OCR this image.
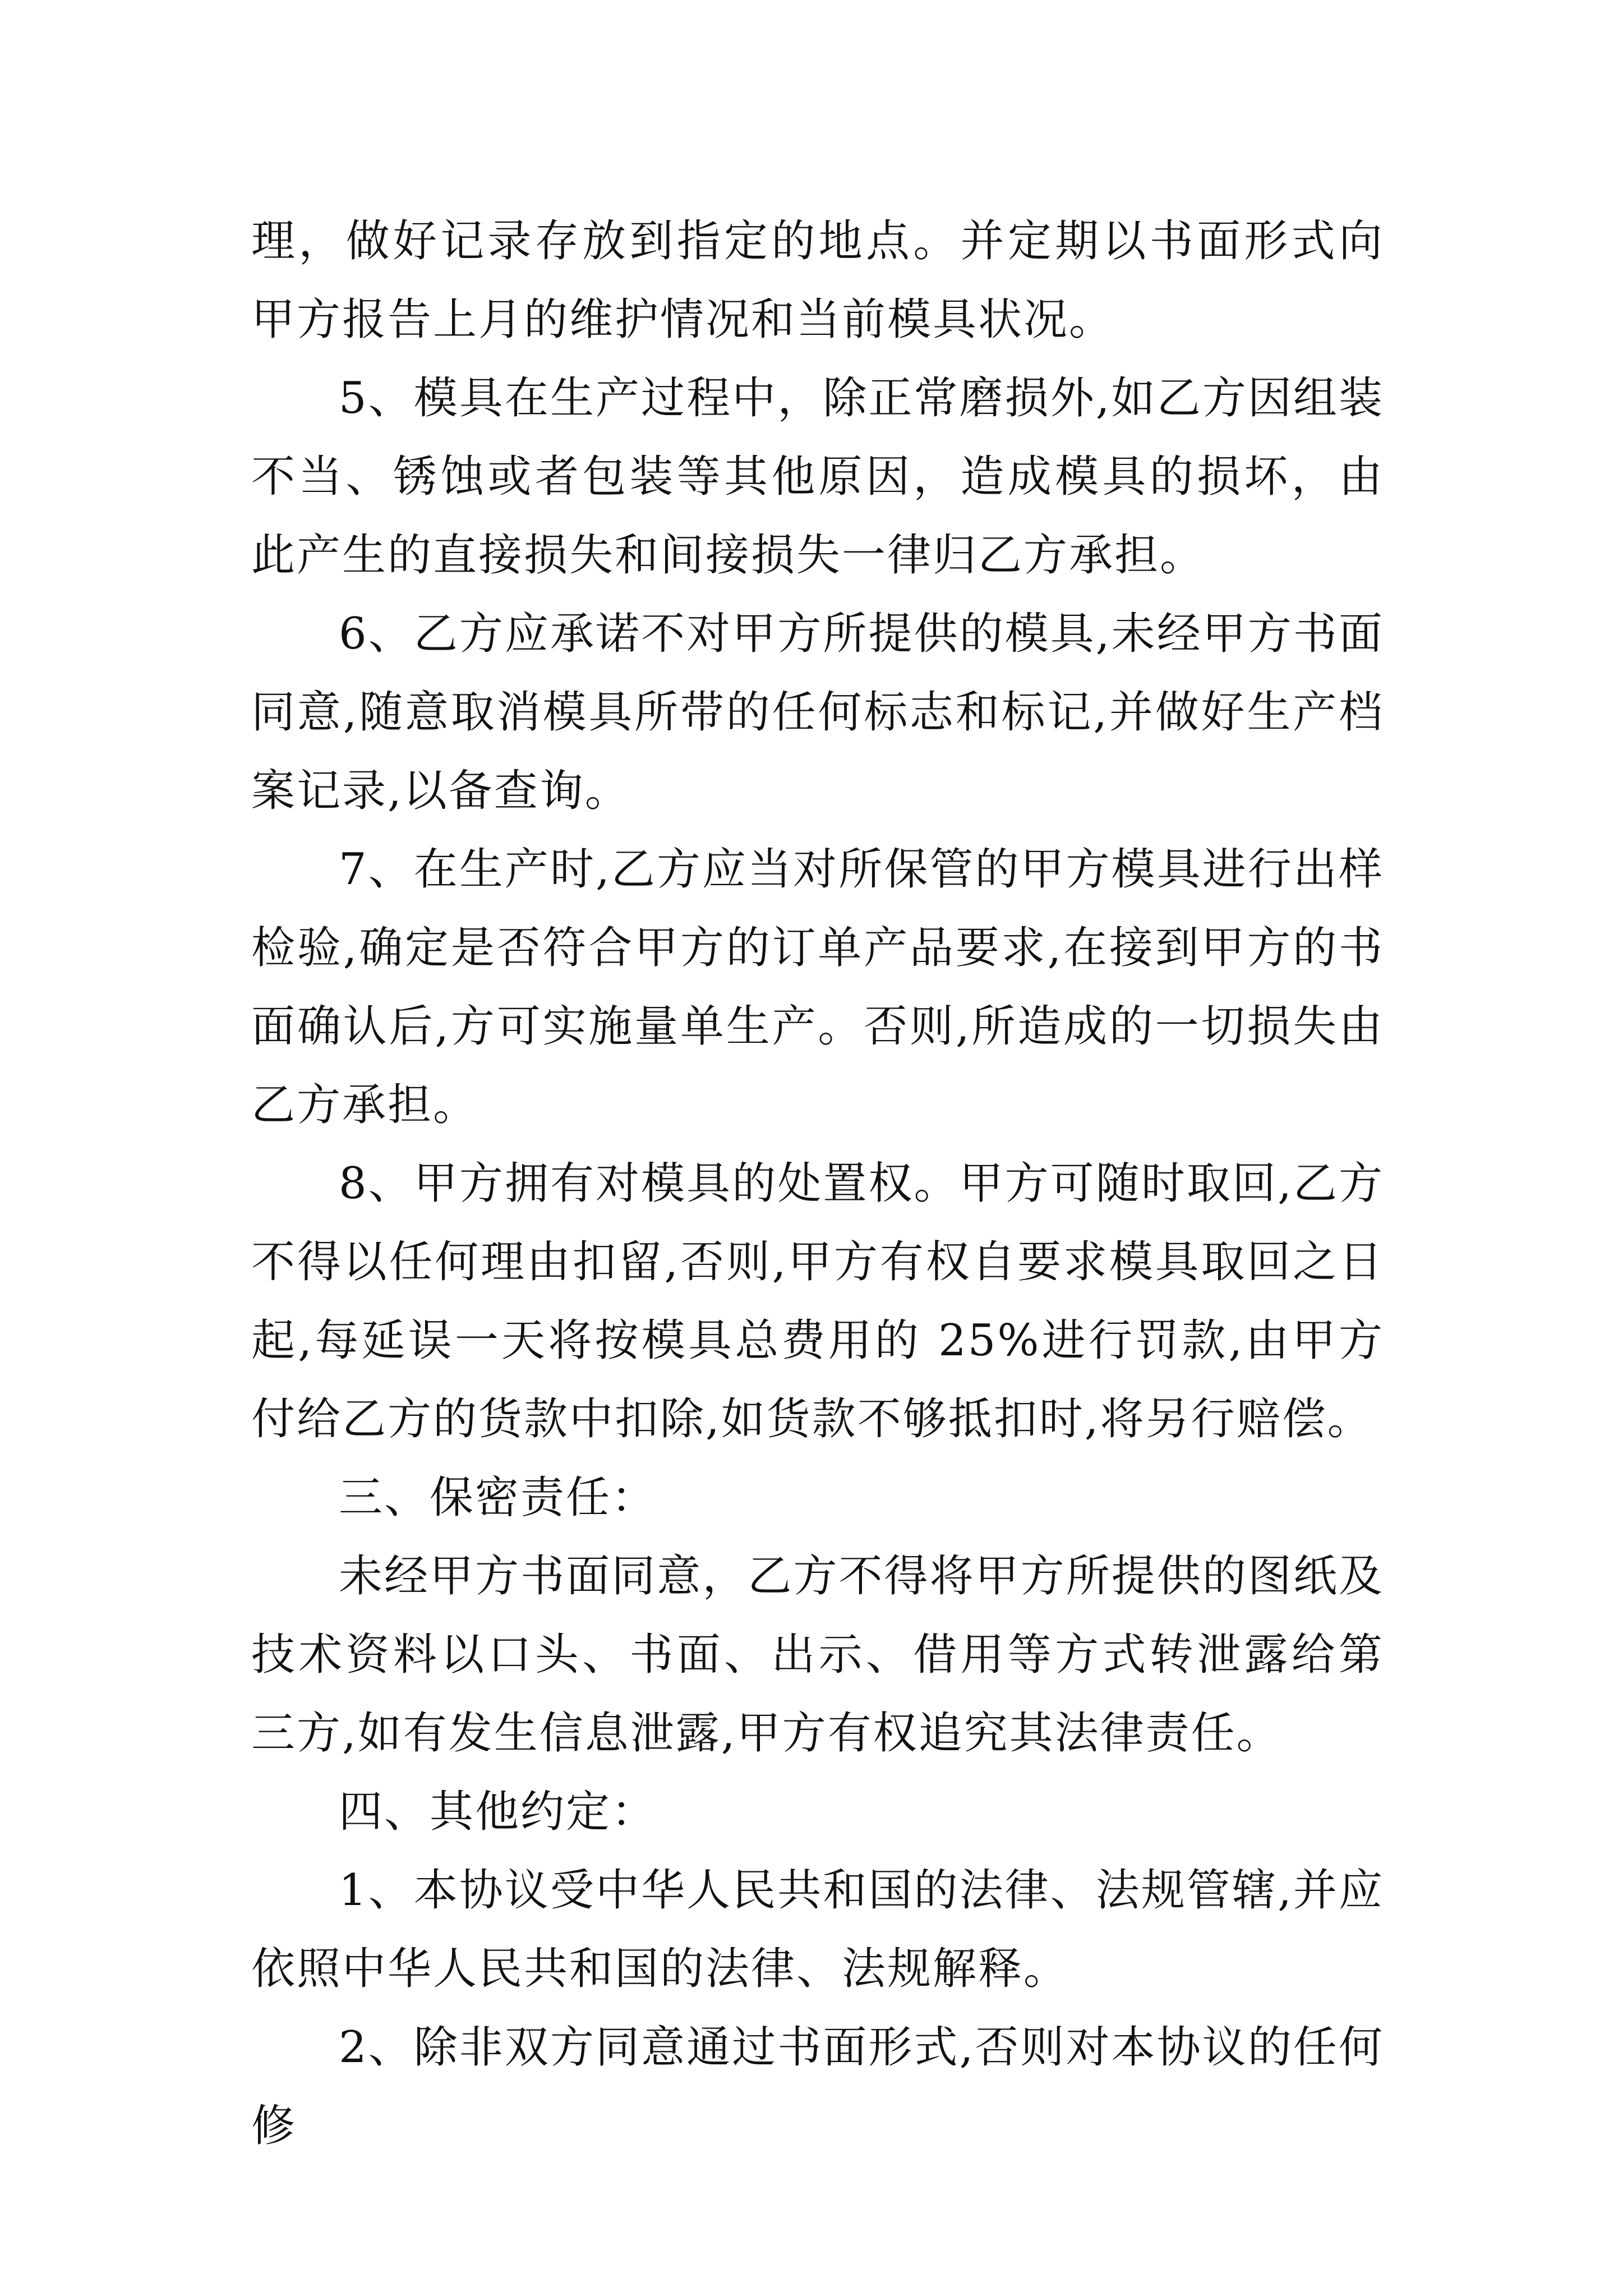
理，做好记录存放到指定的地点。并定期以书面形式向甲方报告上月的维护情况和当前模具状况。

5、模具在生产过程中，除正常磨损外,如乙方因组装不当、锈蚀或者包装等其他原因，造成模具的损坏，由此产生的直接损失和间接损失一律归乙方承担。

6、乙方应承诺不对甲方所提供的模具,未经甲方书面同意,随意取消模具所带的任何标志和标记,并做好生产档案记录,以备查询。

7、在生产时,乙方应当对所保管的甲方模具进行出样检验,确定是否符合甲方的订单产品要求,在接到甲方的书面确认后,方可实施量单生产。否则,所造成的一切损失由乙方承担。

8、甲方拥有对模具的处置权。甲方可随时取回,乙方不得以任何理由扣留,否则,甲方有权自要求模具取回之日起,每延误一天将按模具总费用的 25%进行罚款,由甲方付给乙方的货款中扣除,如货款不够抵扣时,将另行赔偿。

三、保密责任：

未经甲方书面同意，乙方不得将甲方所提供的图纸及技术资料以口头、书面、出示、借用等方式转泄露给第三方,如有发生信息泄露,甲方有权追究其法律责任。

四、其他约定：

1、本协议受中华人民共和国的法律、法规管辖,并应依照中华人民共和国的法律、法规解释。

2、除非双方同意通过书面形式,否则对本协议的任何修
